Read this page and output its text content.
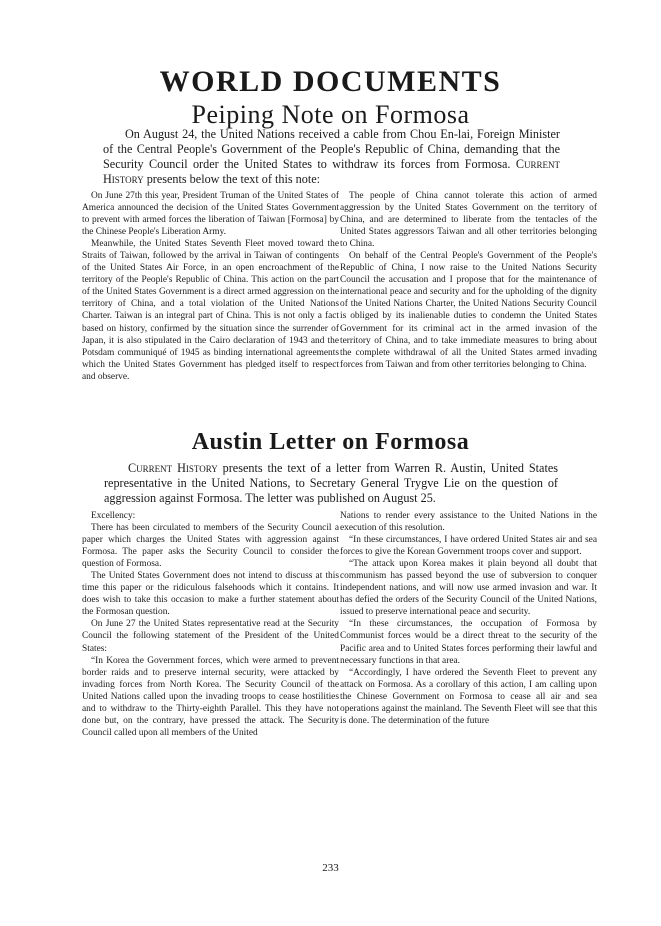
WORLD DOCUMENTS
Peiping Note on Formosa

On August 24, the United Nations received a cable from Chou En-lai, Foreign Minister of the Central People's Government of the People's Republic of China, demanding that the Security Council order the United States to withdraw its forces from Formosa. Current History presents below the text of this note:

On June 27th this year, President Truman of the United States of America announced the decision of the United States Government to prevent with armed forces the liberation of Taiwan [Formosa] by the Chinese People's Liberation Army.

Meanwhile, the United States Seventh Fleet moved toward the Straits of Taiwan, followed by the arrival in Taiwan of contingents of the United States Air Force, in an open encroachment of the territory of the People's Republic of China. This action on the part of the United States Government is a direct armed aggression on the territory of China, and a total violation of the United Nations Charter. Taiwan is an integral part of China. This is not only a fact based on history, confirmed by the situation since the surrender of Japan, it is also stipulated in the Cairo declaration of 1943 and the Potsdam communiqué of 1945 as binding international agreements which the United States Government has pledged itself to respect and observe.

The people of China cannot tolerate this action of armed aggression by the United States Government on the territory of China, and are determined to liberate from the tentacles of the United States aggressors Taiwan and all other territories belonging to China.

On behalf of the Central People's Government of the People's Republic of China, I now raise to the United Nations Security Council the accusation and I propose that for the maintenance of international peace and security and for the upholding of the dignity of the United Nations Charter, the United Nations Security Council is obliged by its inalienable duties to condemn the United States Government for its criminal act in the armed invasion of the territory of China, and to take immediate measures to bring about the complete withdrawal of all the United States armed invading forces from Taiwan and from other territories belonging to China.

Austin Letter on Formosa

Current History presents the text of a letter from Warren R. Austin, United States representative in the United Nations, to Secretary General Trygve Lie on the question of aggression against Formosa. The letter was published on August 25.

Excellency:

There has been circulated to members of the Security Council a paper which charges the United States with aggression against Formosa. The paper asks the Security Council to consider the question of Formosa.

The United States Government does not intend to discuss at this time this paper or the ridiculous falsehoods which it contains. It does wish to take this occasion to make a further statement about the Formosan question.

On June 27 the United States representative read at the Security Council the following statement of the President of the United States:

“In Korea the Government forces, which were armed to prevent border raids and to preserve internal security, were attacked by invading forces from North Korea. The Security Council of the United Nations called upon the invading troops to cease hostilities and to withdraw to the Thirty-eighth Parallel. This they have not done but, on the contrary, have pressed the attack. The Security Council called upon all members of the United

Nations to render every assistance to the United Nations in the execution of this resolution.

“In these circumstances, I have ordered United States air and sea forces to give the Korean Government troops cover and support.

“The attack upon Korea makes it plain beyond all doubt that communism has passed beyond the use of subversion to conquer independent nations, and will now use armed invasion and war. It has defied the orders of the Security Council of the United Nations, issued to preserve international peace and security.

“In these circumstances, the occupation of Formosa by Communist forces would be a direct threat to the security of the Pacific area and to United States forces performing their lawful and necessary functions in that area.

“Accordingly, I have ordered the Seventh Fleet to prevent any attack on Formosa. As a corollary of this action, I am calling upon the Chinese Government on Formosa to cease all air and sea operations against the mainland. The Seventh Fleet will see that this is done. The determination of the future

233
